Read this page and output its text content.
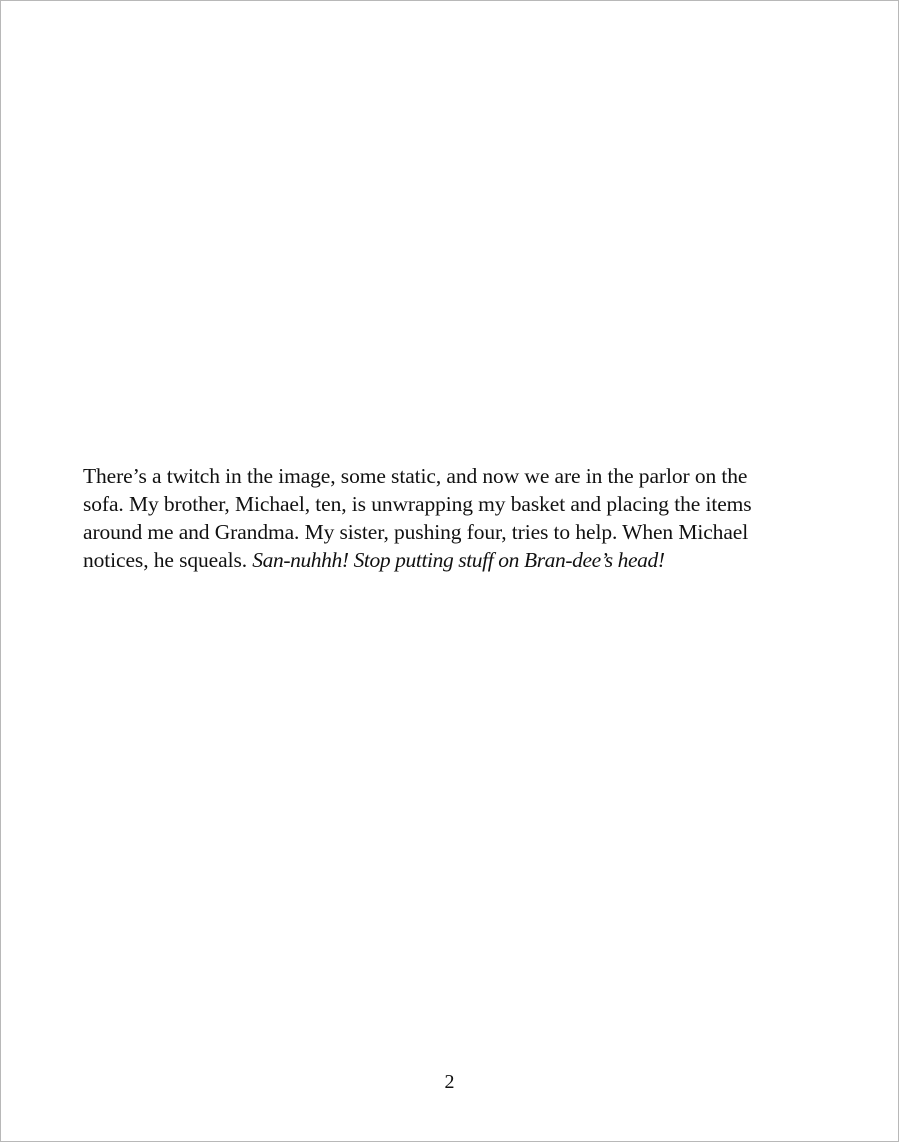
There’s a twitch in the image, some static, and now we are in the parlor on the
sofa. My brother, Michael, ten, is unwrapping my basket and placing the items
around me and Grandma. My sister, pushing four, tries to help. When Michael
notices, he squeals. San-nuhhh! Stop putting stuff on Bran-dee’s head!

2
